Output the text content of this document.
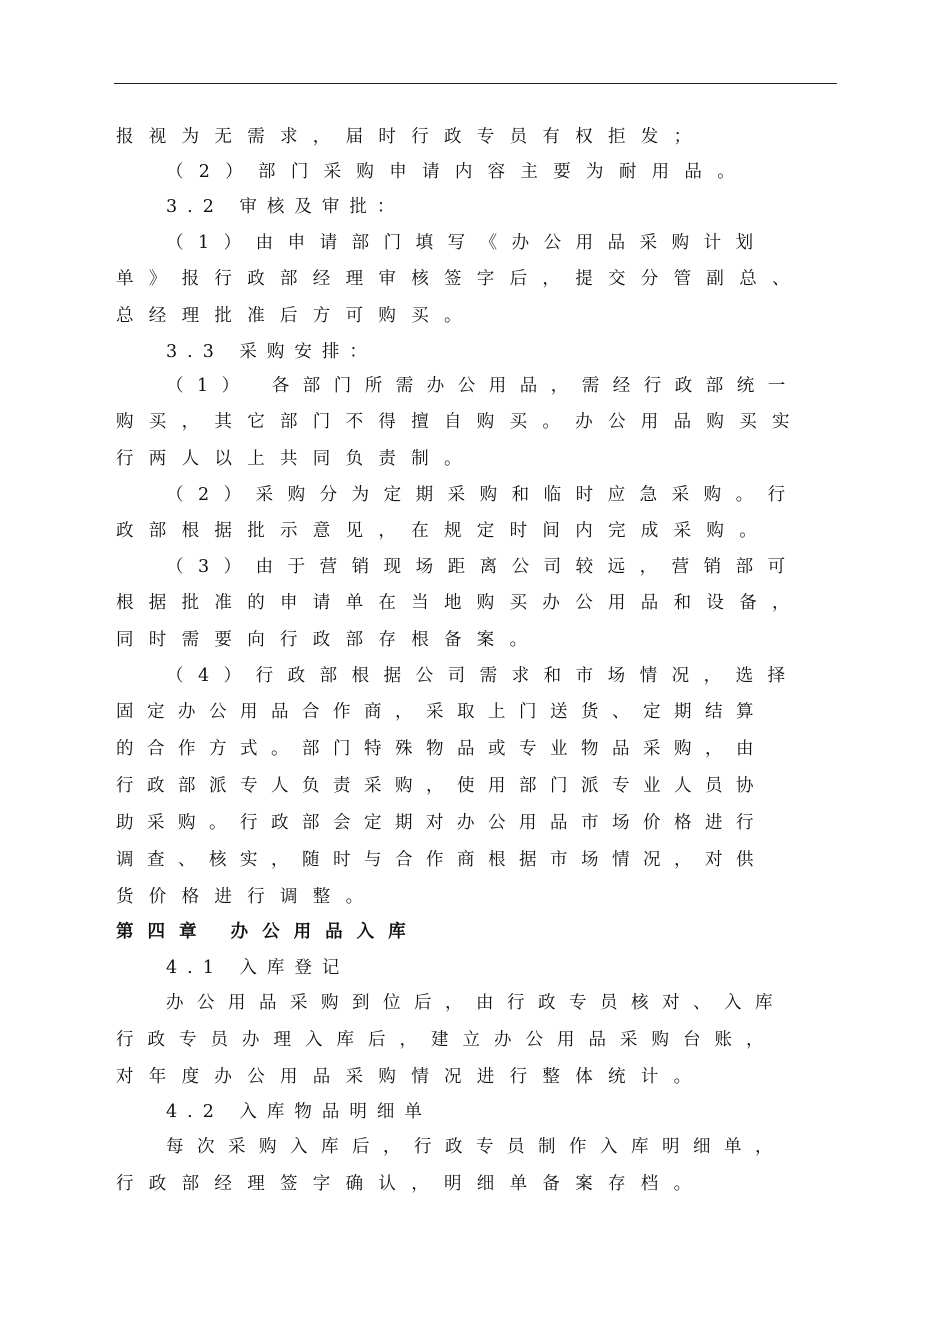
报视为无需求，届时行政专员有权拒发；
（2）部门采购申请内容主要为耐用品。
3.2 审核及审批：
（1）由申请部门填写《办公用品采购计划
单》报行政部经理审核签字后，提交分管副总、
总经理批准后方可购买。
3.3 采购安排：
（1） 各部门所需办公用品，需经行政部统一
购买，其它部门不得擅自购买。办公用品购买实
行两人以上共同负责制。
（2）采购分为定期采购和临时应急采购。行
政部根据批示意见，在规定时间内完成采购。
（3）由于营销现场距离公司较远，营销部可
根据批准的申请单在当地购买办公用品和设备，
同时需要向行政部存根备案。
（4）行政部根据公司需求和市场情况，选择
固定办公用品合作商，采取上门送货、定期结算
的合作方式。部门特殊物品或专业物品采购，由
行政部派专人负责采购，使用部门派专业人员协
助采购。行政部会定期对办公用品市场价格进行
调查、核实，随时与合作商根据市场情况，对供
货价格进行调整。
第四章 办公用品入库
4.1 入库登记
办公用品采购到位后，由行政专员核对、入库
行政专员办理入库后，建立办公用品采购台账，
对年度办公用品采购情况进行整体统计。
4.2 入库物品明细单
每次采购入库后，行政专员制作入库明细单，
行政部经理签字确认，明细单备案存档。
